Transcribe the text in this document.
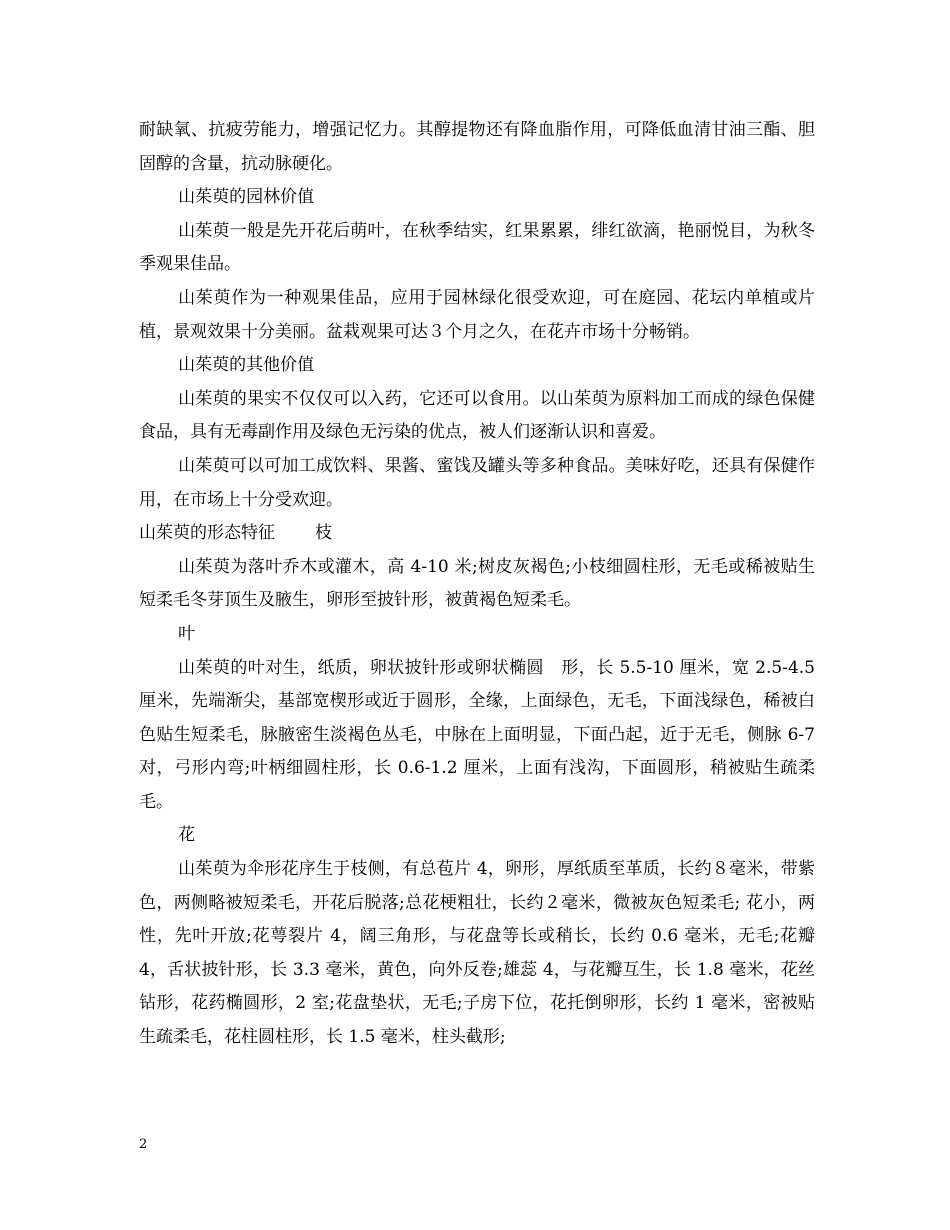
耐缺氧、抗疲劳能力，增强记忆力。其醇提物还有降血脂作用，可降低血清甘油三酯、胆固醇的含量，抗动脉硬化。

山茱萸的园林价值

山茱萸一般是先开花后萌叶，在秋季结实，红果累累，绯红欲滴，艳丽悦目，为秋冬季观果佳品。

山茱萸作为一种观果佳品，应用于园林绿化很受欢迎，可在庭园、花坛内单植或片植，景观效果十分美丽。盆栽观果可达３个月之久，在花卉市场十分畅销。

山茱萸的其他价值

山茱萸的果实不仅仅可以入药，它还可以食用。以山茱萸为原料加工而成的绿色保健食品，具有无毒副作用及绿色无污染的优点，被人们逐渐认识和喜爱。

山茱萸可以可加工成饮料、果酱、蜜饯及罐头等多种食品。美味好吃，还具有保健作用，在市场上十分受欢迎。

山茱萸的形态特征 枝

山茱萸为落叶乔木或灌木，高 4-10 米;树皮灰褐色;小枝细圆柱形，无毛或稀被贴生短柔毛冬芽顶生及腋生，卵形至披针形，被黄褐色短柔毛。

叶

山茱萸的叶对生，纸质，卵状披针形或卵状椭圆　形，长 5.5-10 厘米，宽 2.5-4.5 厘米，先端渐尖，基部宽楔形或近于圆形，全缘，上面绿色，无毛，下面浅绿色，稀被白色贴生短柔毛，脉腋密生淡褐色丛毛，中脉在上面明显，下面凸起，近于无毛，侧脉 6-7 对，弓形内弯;叶柄细圆柱形，长 0.6-1.2 厘米，上面有浅沟，下面圆形，稍被贴生疏柔毛。

花

山茱萸为伞形花序生于枝侧，有总苞片 4，卵形，厚纸质至革质，长约８毫米，带紫色，两侧略被短柔毛，开花后脱落;总花梗粗壮，长约２毫米，微被灰色短柔毛; 花小，两性，先叶开放;花萼裂片 4，阔三角形，与花盘等长或稍长，长约 0.6 毫米，无毛;花瓣 4，舌状披针形，长 3.3 毫米，黄色，向外反卷;雄蕊 4，与花瓣互生，长 1.8 毫米，花丝钻形，花药椭圆形，2 室;花盘垫状，无毛;子房下位，花托倒卵形，长约 1 毫米，密被贴生疏柔毛，花柱圆柱形，长 1.5 毫米，柱头截形;

2
